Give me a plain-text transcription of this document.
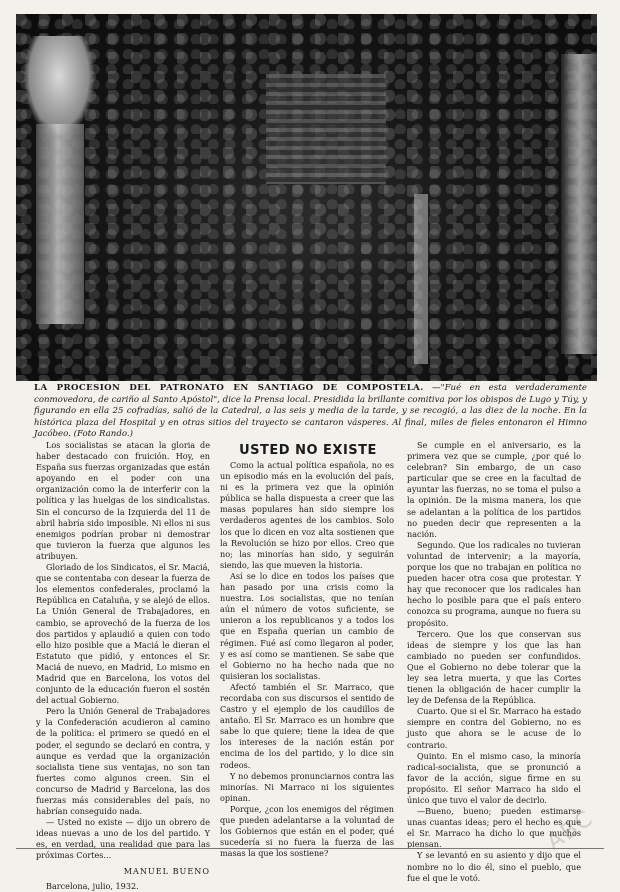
LA PROCESION DEL PATRONATO EN SANTIAGO DE COMPOSTELA. —"Fué en esta verdaderamente conmovedora, de cariño al Santo Apóstol", dice la Prensa local. Presidida la brillante comitiva por los obispos de Lugo y Túy, y figurando en ella 25 cofradías, salió de la Catedral, a las seis y media de la tarde, y se recogió, a las diez de la noche. En la histórica plaza del Hospital y en otras sitios del trayecto se cantaron vásperes. Al final, miles de fieles entonaron el Himno Jacóbeo. (Foto Rando.)

Los socialistas se atacan la gloria de haber destacado con fruición. Hoy, en España sus fuerzas organizadas que están apoyando en el poder con una organización como la de interferir con la política y las huelgas de los sindicalistas. Sin el concurso de la Izquierda del 11 de abril habría sido imposible. Ni ellos ni sus enemigos podrían probar ni demostrar que tuvieron la fuerza que algunos les atribuyen.

Gloriado de los Sindicatos, el Sr. Maciá, que se contentaba con desear la fuerza de los elementos confederales, proclamó la República en Cataluña, y se alejó de ellos. La Unión General de Trabajadores, en cambio, se aprovechó de la fuerza de los dos partidos y aplaudió a quien con todo ello hizo posible que a Maciá le dieran el Estatuto que pidió, y entonces el Sr. Maciá de nuevo, en Madrid, Lo mismo en Madrid que en Barcelona, los votos del conjunto de la educación fueron el sostén del actual Gobierno.

Pero la Unión General de Trabajadores y la Confederación acudieron al camino de la política: el primero se quedó en el poder, el segundo se declaró en contra, y aunque es verdad que la organización socialista tiene sus ventajas, no son tan fuertes como algunos creen. Sin el concurso de Madrid y Barcelona, las dos fuerzas más considerables del país, no habrían conseguido nada.

— Usted no existe — dijo un obrero de ideas nuevas a uno de los del partido. Y es, en verdad, una realidad que para las próximas Cortes...

MANUEL BUENO
Barcelona, julio, 1932.
USTED NO EXISTE

Como la actual política española, no es un episodio más en la evolución del país, ni es la primera vez que la opinión pública se halla dispuesta a creer que las masas populares han sido siempre los verdaderos agentes de los cambios. Solo los que lo dicen en voz alta sostienen que la Revolución se hizo por ellos. Creo que no; las minorías han sido, y seguirán siendo, las que mueven la historia.

Así se lo dice en todos los países que han pasado por una crisis como la nuestra. Los socialistas, que no tenían aún el número de votos suficiente, se unieron a los republicanos y a todos los que en España querían un cambio de régimen. Fué así como llegaron al poder, y es así como se mantienen. Se sabe que el Gobierno no ha hecho nada que no quisieran los socialistas.

Afectó también el Sr. Marraco, que recordaba con sus discursos el sentido de Castro y el ejemplo de los caudillos de antaño. El Sr. Marraco es un hombre que sabe lo que quiere; tiene la idea de que los intereses de la nación están por encima de los del partido, y lo dice sin rodeos.

Y no debemos pronunciarnos contra las minorías. Ni Marraco ni los siguientes opinan.

Porque, ¿con los enemigos del régimen que pueden adelantarse a la voluntad de los Gobiernos que están en el poder, qué sucedería si no fuera la fuerza de las masas la que los sostiene?

Se cumple en el aniversario, es la primera vez que se cumple, ¿por qué lo celebran? Sin embargo, de un caso particular que se cree en la facultad de ayuntar las fuerzas, no se toma el pulso a la opinión. De la misma manera, los que se adelantan a la política de los partidos no pueden decir que representen a la nación.

Segundo. Que los radicales no tuvieran voluntad de intervenir; a la mayoría, porque los que no trabajan en política no pueden hacer otra cosa que protestar. Y hay que reconocer que los radicales han hecho lo posible para que el país entero conozca su programa, aunque no fuera su propósito.

Tercero. Que los que conservan sus ideas de siempre y los que las han cambiado no pueden ser confundidos. Que el Gobierno no debe tolerar que la ley sea letra muerta, y que las Cortes tienen la obligación de hacer cumplir la ley de Defensa de la República.

Cuarto. Que si el Sr. Marraco ha estado siempre en contra del Gobierno, no es justo que ahora se le acuse de lo contrario.

Quinto. En el mismo caso, la minoría radical-socialista, que se pronunció a favor de la acción, sigue firme en su propósito. El señor Marraco ha sido el único que tuvo el valor de decirlo.

—Bueno, bueno; pueden estimarse unas cuantas ideas; pero el hecho es que el Sr. Marraco ha dicho lo que muchos piensan.

Y se levantó en su asiento y dijo que el nombre no lo dio él, sino el pueblo, que fue el que le votó.

ABC
